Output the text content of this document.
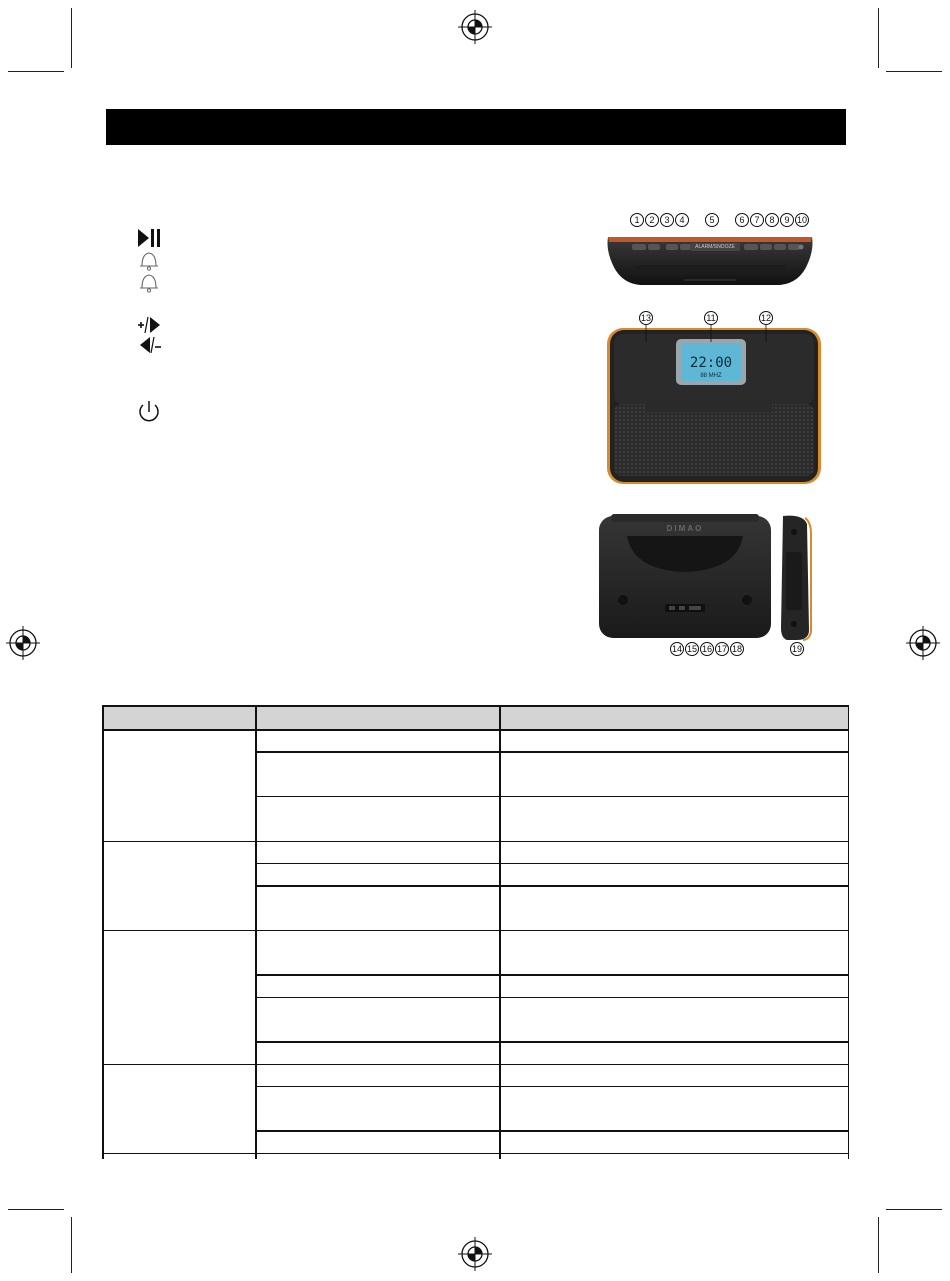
ALARM/SNOOZE
1	2	3	4	5	6	7	8	9 10
22:00
88 MHZ
13	11	12
DIMAO
14 15 16 17 18	19
